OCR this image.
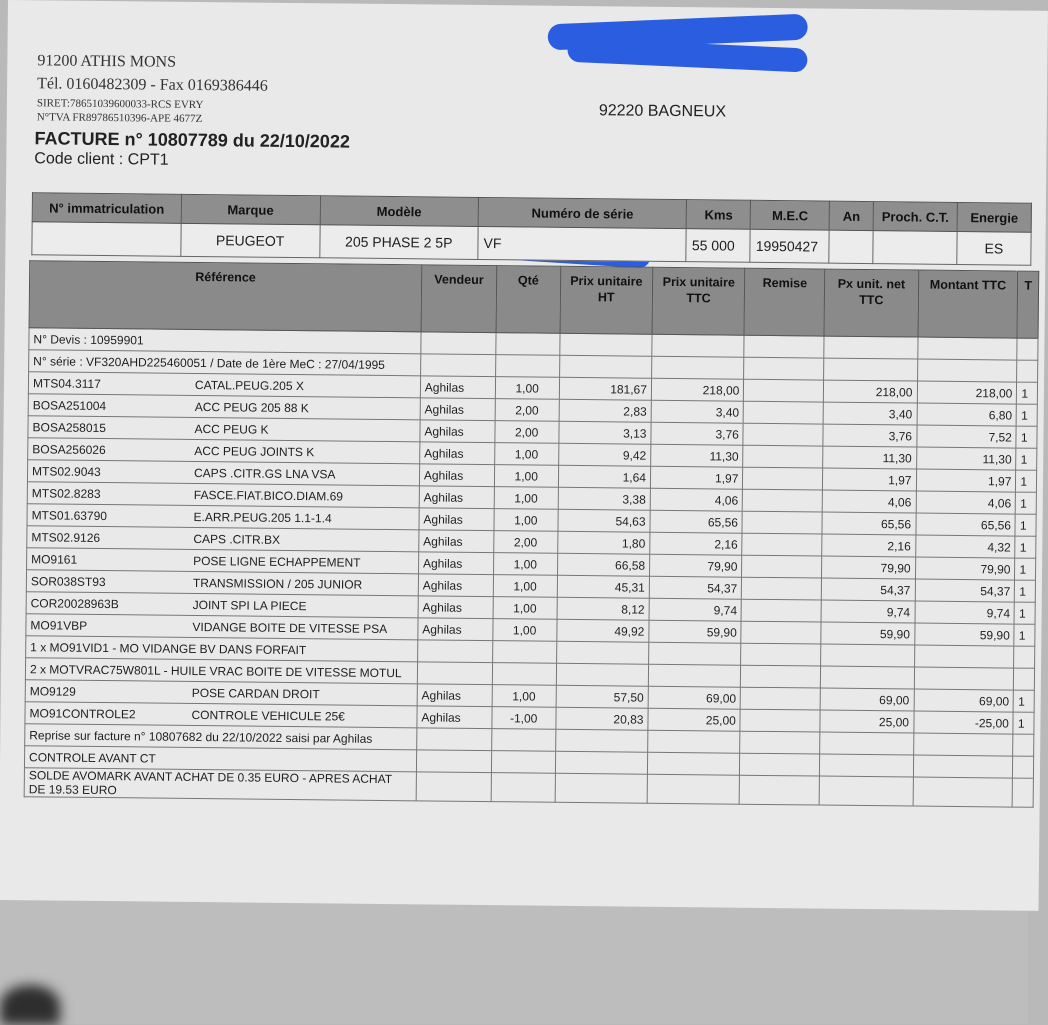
91200 ATHIS MONS
Tél. 0160482309 - Fax 0169386446
SIRET:78651039600033-RCS EVRY
N°TVA FR89786510396-APE 4677Z
FACTURE n° 10807789 du 22/10/2022
Code client : CPT1
92220 BAGNEUX
N° immatriculation	Marque	Modèle	Numéro de série	Kms	M.E.C	An	Proch. C.T.	Energie
	PEUGEOT	205 PHASE 2 5P	VF	55 000	19950427			ES
Référence	Vendeur	Qté	Prix unitaire HT	Prix unitaire TTC	Remise	Px unit. net TTC	Montant TTC	T
N° Devis : 10959901								
N° série : VF320AHD225460051 / Date de 1ère MeC : 27/04/1995								
MTS04.3117 CATAL.PEUG.205 X	Aghilas	1,00	181,67	218,00		218,00	218,00	1
BOSA251004 ACC PEUG 205 88 K	Aghilas	2,00	2,83	3,40		3,40	6,80	1
BOSA258015 ACC PEUG K	Aghilas	2,00	3,13	3,76		3,76	7,52	1
BOSA256026 ACC PEUG JOINTS K	Aghilas	1,00	9,42	11,30		11,30	11,30	1
MTS02.9043 CAPS .CITR.GS LNA VSA	Aghilas	1,00	1,64	1,97		1,97	1,97	1
MTS02.8283 FASCE.FIAT.BICO.DIAM.69	Aghilas	1,00	3,38	4,06		4,06	4,06	1
MTS01.63790 E.ARR.PEUG.205 1.1-1.4	Aghilas	1,00	54,63	65,56		65,56	65,56	1
MTS02.9126 CAPS .CITR.BX	Aghilas	2,00	1,80	2,16		2,16	4,32	1
MO9161 POSE LIGNE ECHAPPEMENT	Aghilas	1,00	66,58	79,90		79,90	79,90	1
SOR038ST93 TRANSMISSION / 205 JUNIOR	Aghilas	1,00	45,31	54,37		54,37	54,37	1
COR20028963B JOINT SPI LA PIECE	Aghilas	1,00	8,12	9,74		9,74	9,74	1
MO91VBP VIDANGE BOITE DE VITESSE PSA	Aghilas	1,00	49,92	59,90		59,90	59,90	1
1 x MO91VID1 - MO VIDANGE BV DANS FORFAIT								
2 x MOTVRAC75W801L - HUILE VRAC BOITE DE VITESSE MOTUL								
MO9129 POSE CARDAN DROIT	Aghilas	1,00	57,50	69,00		69,00	69,00	1
MO91CONTROLE2 CONTROLE VEHICULE 25€	Aghilas	-1,00	20,83	25,00		25,00	-25,00	1
Reprise sur facture n° 10807682 du 22/10/2022 saisi par Aghilas								
CONTROLE AVANT CT								
SOLDE AVOMARK AVANT ACHAT DE 0.35 EURO - APRES ACHAT DE 19.53 EURO								
